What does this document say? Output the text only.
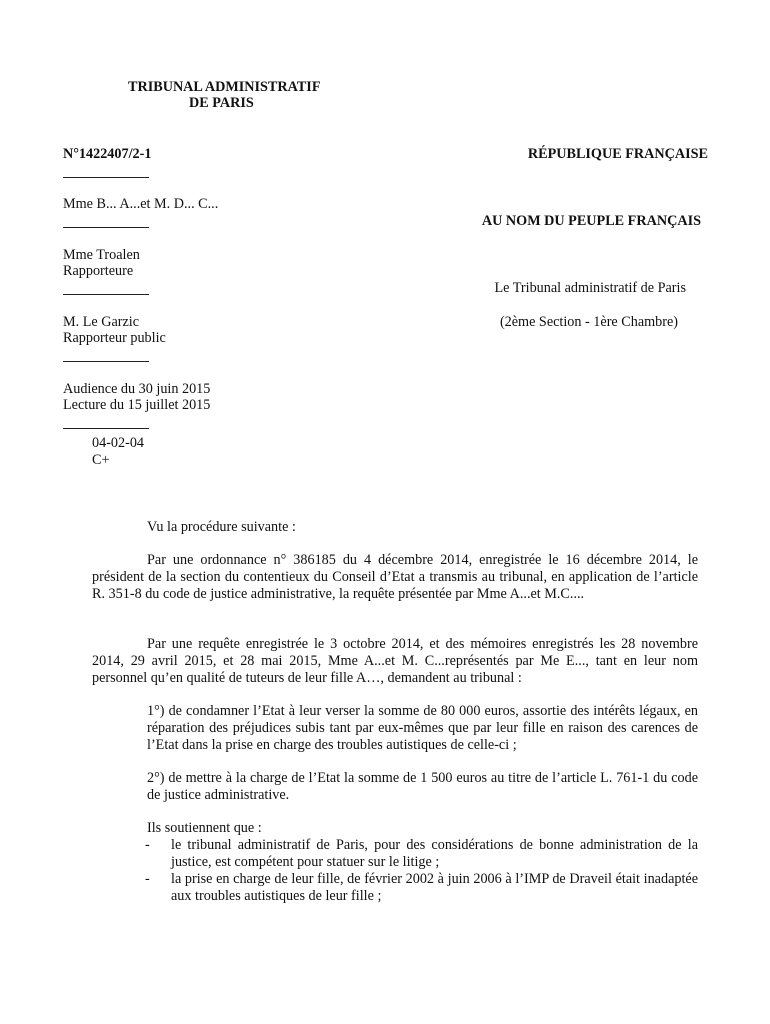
TRIBUNAL ADMINISTRATIF
DE PARIS
N°1422407/2-1
Mme B... A...et M. D... C...
Mme Troalen
Rapporteure
M. Le Garzic
Rapporteur public
Audience du 30 juin 2015
Lecture du 15 juillet 2015
04-02-04
C+
RÉPUBLIQUE FRANÇAISE
AU NOM DU PEUPLE FRANÇAIS
Le Tribunal administratif de Paris
(2ème Section - 1ère Chambre)
Vu la procédure suivante :
Par une ordonnance n° 386185 du 4 décembre 2014, enregistrée le 16 décembre 2014, le président de la section du contentieux du Conseil d’Etat a transmis au tribunal, en application de l’article R. 351-8 du code de justice administrative, la requête présentée par Mme A...et M.C....
Par une requête enregistrée le 3 octobre 2014, et des mémoires enregistrés les 28 novembre 2014, 29 avril 2015, et 28 mai 2015, Mme A...et M. C...représentés par Me E..., tant en leur nom personnel qu’en qualité de tuteurs de leur fille A…, demandent au tribunal :
1°) de condamner l’Etat à leur verser la somme de 80 000 euros, assortie des intérêts légaux, en réparation des préjudices subis tant par eux-mêmes que par leur fille en raison des carences de l’Etat dans la prise en charge des troubles autistiques de celle-ci ;
2°) de mettre à la charge de l’Etat la somme de 1 500 euros au titre de l’article L. 761-1 du code de justice administrative.
Ils soutiennent que :
- le tribunal administratif de Paris, pour des considérations de bonne administration de la justice, est compétent pour statuer sur le litige ;
- la prise en charge de leur fille, de février 2002 à juin 2006 à l’IMP de Draveil était inadaptée aux troubles autistiques de leur fille ;
